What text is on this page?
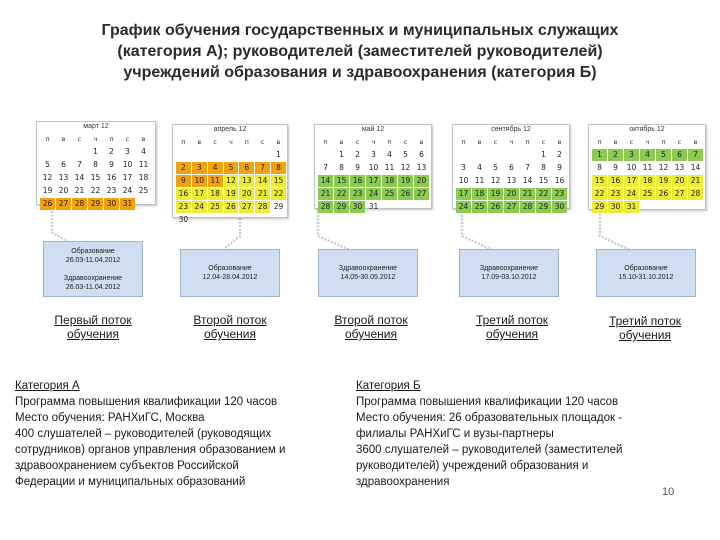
График обучения государственных и муниципальных служащих
(категория А); руководителей (заместителей руководителей)
учреждений образования и здравоохранения (категория Б)
март 12
п	в	с	ч	п	с	в
			1	2	3	4
5	6	7	8	9	10	11
12	13	14	15	16	17	18
19	20	21	22	23	24	25
26	27	28	29	30	31	
апрель 12
п	в	с	ч	п	с	в
						1
2	3	4	5	6	7	8
9	10	11	12	13	14	15
16	17	18	19	20	21	22
23	24	25	26	27	28	29
30						
май 12
п	в	с	ч	п	с	в
	1	2	3	4	5	6
7	8	9	10	11	12	13
14	15	16	17	18	19	20
21	22	23	24	25	26	27
28	29	30	31			
сентябрь 12
п	в	с	ч	п	с	в
					1	2
3	4	5	6	7	8	9
10	11	12	13	14	15	16
17	18	19	20	21	22	23
24	25	26	27	28	29	30
октябрь 12
п	в	с	ч	п	с	в
1	2	3	4	5	6	7
8	9	10	11	12	13	14
15	16	17	18	19	20	21
22	23	24	25	26	27	28
29	30	31				
Образование
26.03-11.04.2012
Здравоохранение
26.03-11.04.2012
Образование
12.04-28.04.2012
Здравоохранение
14.05-30.05.2012
Здравоохранение
17.09-03.10.2012
Образование
15.10-31.10.2012
Первый поток
обучения
Второй поток
обучения
Второй поток
обучения
Третий поток
обучения
Третий поток
обучения
Категория А
Программа повышения квалификации 120 часов
Место обучения: РАНХиГС, Москва
400 слушателей – руководителей (руководящих
сотрудников) органов управления образованием и
здравоохранением субъектов Российской
Федерации и муниципальных образований
Категория Б
Программа повышения квалификации 120 часов
Место обучения: 26 образовательных площадок -
филиалы РАНХиГС и вузы-партнеры
3600 слушателей – руководителей (заместителей
руководителей) учреждений образования и
здравоохранения
10
